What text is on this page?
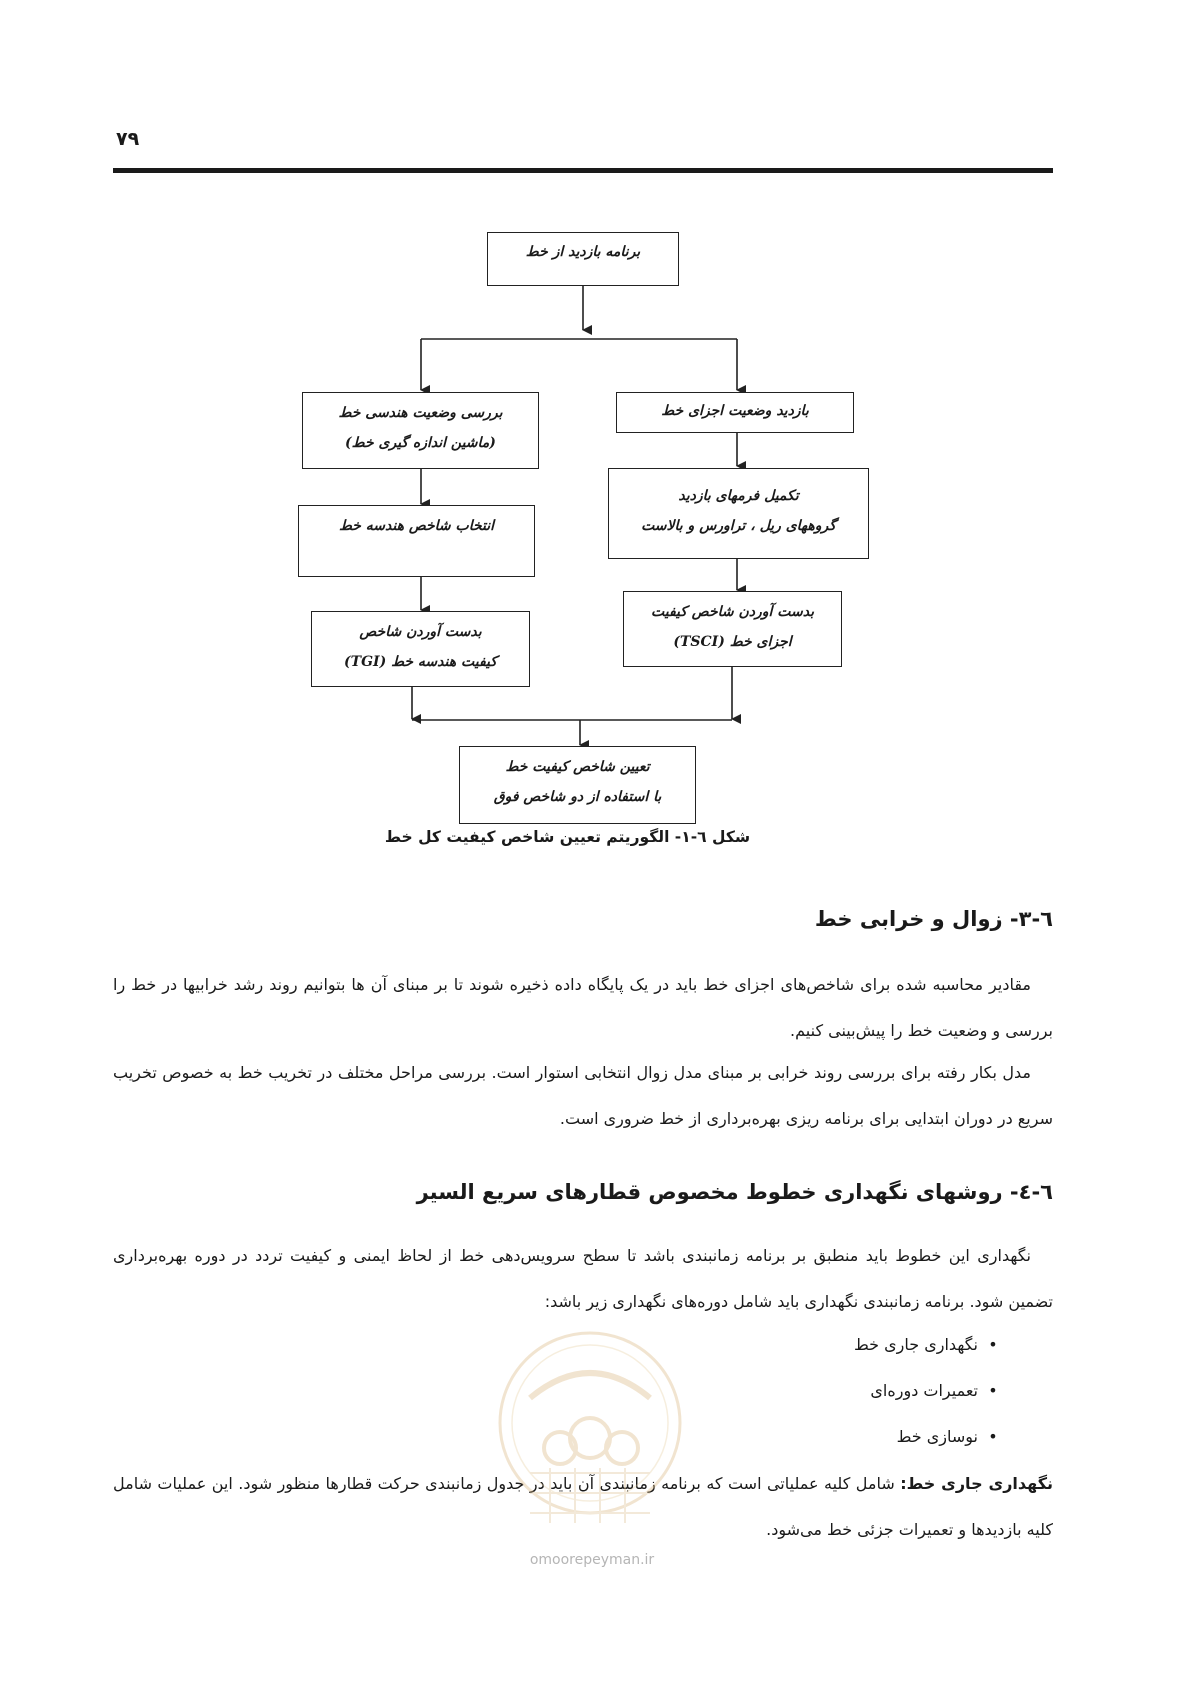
۷۹
برنامه بازدید از خط
بازدید وضعیت اجزای خط
تکمیل فرمهای بازدید
گروههای ریل ، تراورس و بالاست
بدست آوردن شاخص کیفیت
اجزای خط (TSCI)
بررسی وضعیت هندسی خط
(ماشین اندازه گیری خط)
انتخاب شاخص هندسه خط
بدست آوردن شاخص
کیفیت هندسه خط (TGI)
تعیین شاخص کیفیت خط
با استفاده از دو شاخص فوق
شکل ٦-١- الگوریتم تعیین شاخص کیفیت کل خط
٦-٣- زوال و خرابی خط
مقادیر محاسبه شده برای شاخص‌های اجزای خط باید در یک پایگاه داده ذخیره شوند تا بر مبنای آن ها بتوانیم روند رشد خرابیها در خط را بررسی و وضعیت خط را پیش‌بینی کنیم.
مدل بکار رفته برای بررسی روند خرابی بر مبنای مدل زوال انتخابی استوار است. بررسی مراحل مختلف در تخریب خط به خصوص تخریب سریع در دوران ابتدایی برای برنامه ریزی بهره‌برداری از خط ضروری است.
٦-٤- روشهای نگهداری خطوط مخصوص قطارهای سریع السیر
نگهداری این خطوط باید منطبق بر برنامه زمانبندی باشد تا سطح سرویس‌دهی خط از لحاظ ایمنی و کیفیت تردد در دوره بهره‌برداری تضمین شود. برنامه زمانبندی نگهداری باید شامل دوره‌های نگهداری زیر باشد:
• نگهداری جاری خط
• تعمیرات دوره‌ای
• نوسازی خط
نگهداری جاری خط: شامل کلیه عملیاتی است که برنامه زمانبندی آن باید در جدول زمانبندی حرکت قطارها منظور شود. این عملیات شامل کلیه بازدیدها و تعمیرات جزئی خط می‌شود.
omoorepeyman.ir
